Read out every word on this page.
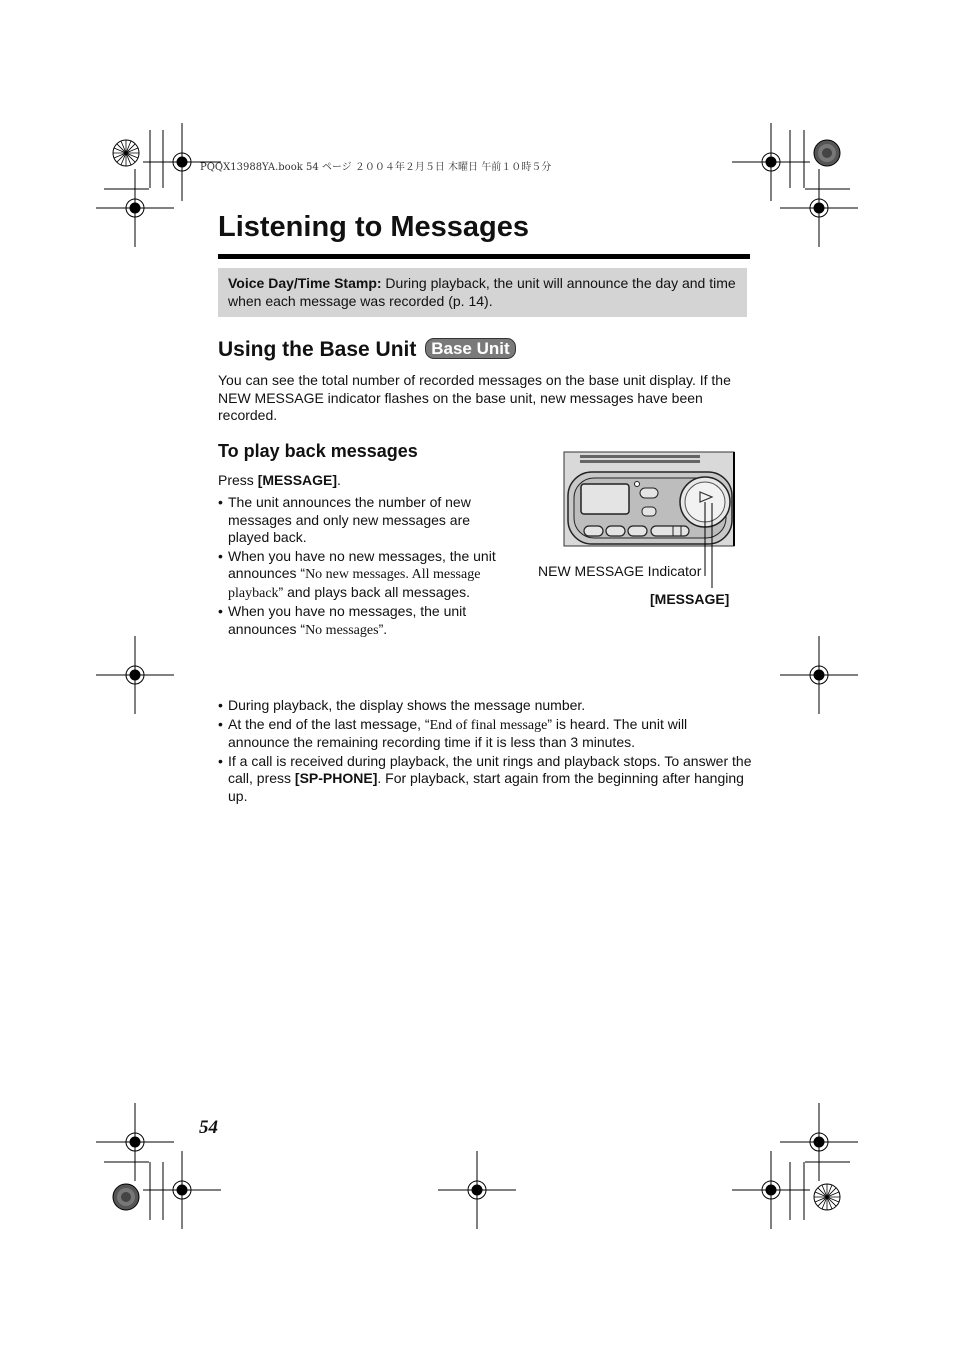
PQQX13988YA.book 54 ページ ２００４年２月５日 木曜日 午前１０時５分
Listening to Messages
Voice Day/Time Stamp: During playback, the unit will announce the day and time when each message was recorded (p. 14).
Using the Base Unit Base Unit

You can see the total number of recorded messages on the base unit display. If the NEW MESSAGE indicator flashes on the base unit, new messages have been recorded.

To play back messages
Press [MESSAGE].
• The unit announces the number of new messages and only new messages are played back.
• When you have no new messages, the unit announces “No new messages. All message playback” and plays back all messages.
• When you have no messages, the unit announces “No messages”.
NEW MESSAGE Indicator
[MESSAGE]
• During playback, the display shows the message number.
• At the end of the last message, “End of final message” is heard. The unit will announce the remaining recording time if it is less than 3 minutes.
• If a call is received during playback, the unit rings and playback stops. To answer the call, press [SP-PHONE]. For playback, start again from the beginning after hanging up.
54
